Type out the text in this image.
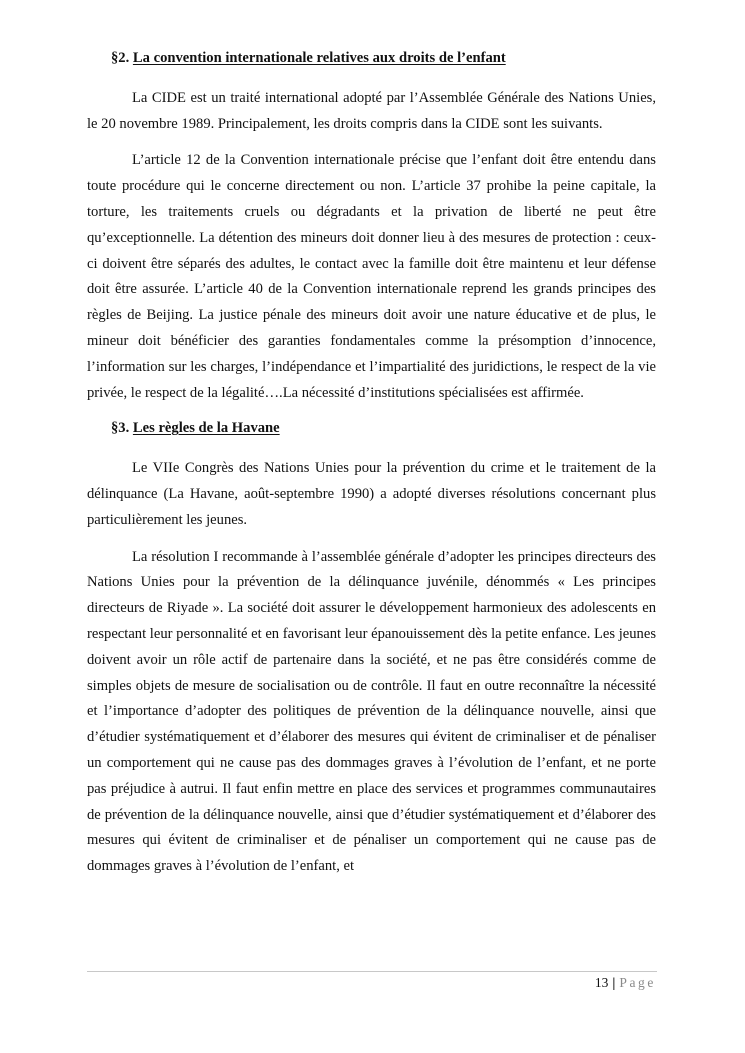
§2. La convention internationale relatives aux droits de l’enfant

La CIDE est un traité international adopté par l’Assemblée Générale des Nations Unies, le 20 novembre 1989. Principalement, les droits compris dans la CIDE sont les suivants.

L’article 12 de la Convention internationale précise que l’enfant doit être entendu dans toute procédure qui le concerne directement ou non. L’article 37 prohibe la peine capitale, la torture, les traitements cruels ou dégradants et la privation de liberté ne peut être qu’exceptionnelle. La détention des mineurs doit donner lieu à des mesures de protection : ceux-ci doivent être séparés des adultes, le contact avec la famille doit être maintenu et leur défense doit être assurée. L’article 40 de la Convention internationale reprend les grands principes des règles de Beijing. La justice pénale des mineurs doit avoir une nature éducative et de plus, le mineur doit bénéficier des garanties fondamentales comme la présomption d’innocence, l’information sur les charges, l’indépendance et l’impartialité des juridictions, le respect de la vie privée, le respect de la légalité….La nécessité d’institutions spécialisées est affirmée.

§3. Les règles de la Havane

Le VIIe Congrès des Nations Unies pour la prévention du crime et le traitement de la délinquance (La Havane, août-septembre 1990) a adopté diverses résolutions concernant plus particulièrement les jeunes.

La résolution I recommande à l’assemblée générale d’adopter les principes directeurs des Nations Unies pour la prévention de la délinquance juvénile, dénommés « Les principes directeurs de Riyade ». La société doit assurer le développement harmonieux des adolescents en respectant leur personnalité et en favorisant leur épanouissement dès la petite enfance. Les jeunes doivent avoir un rôle actif de partenaire dans la société, et ne pas être considérés comme de simples objets de mesure de socialisation ou de contrôle. Il faut en outre reconnaître la nécessité et l’importance d’adopter des politiques de prévention de la délinquance nouvelle, ainsi que d’étudier systématiquement et d’élaborer des mesures qui évitent de criminaliser et de pénaliser un comportement qui ne cause pas des dommages graves à l’évolution de l’enfant, et ne porte pas préjudice à autrui. Il faut enfin mettre en place des services et programmes communautaires de prévention de la délinquance nouvelle, ainsi que d’étudier systématiquement et d’élaborer des mesures qui évitent de criminaliser et de pénaliser un comportement qui ne cause pas de dommages graves à l’évolution de l’enfant, et

13 | Page
